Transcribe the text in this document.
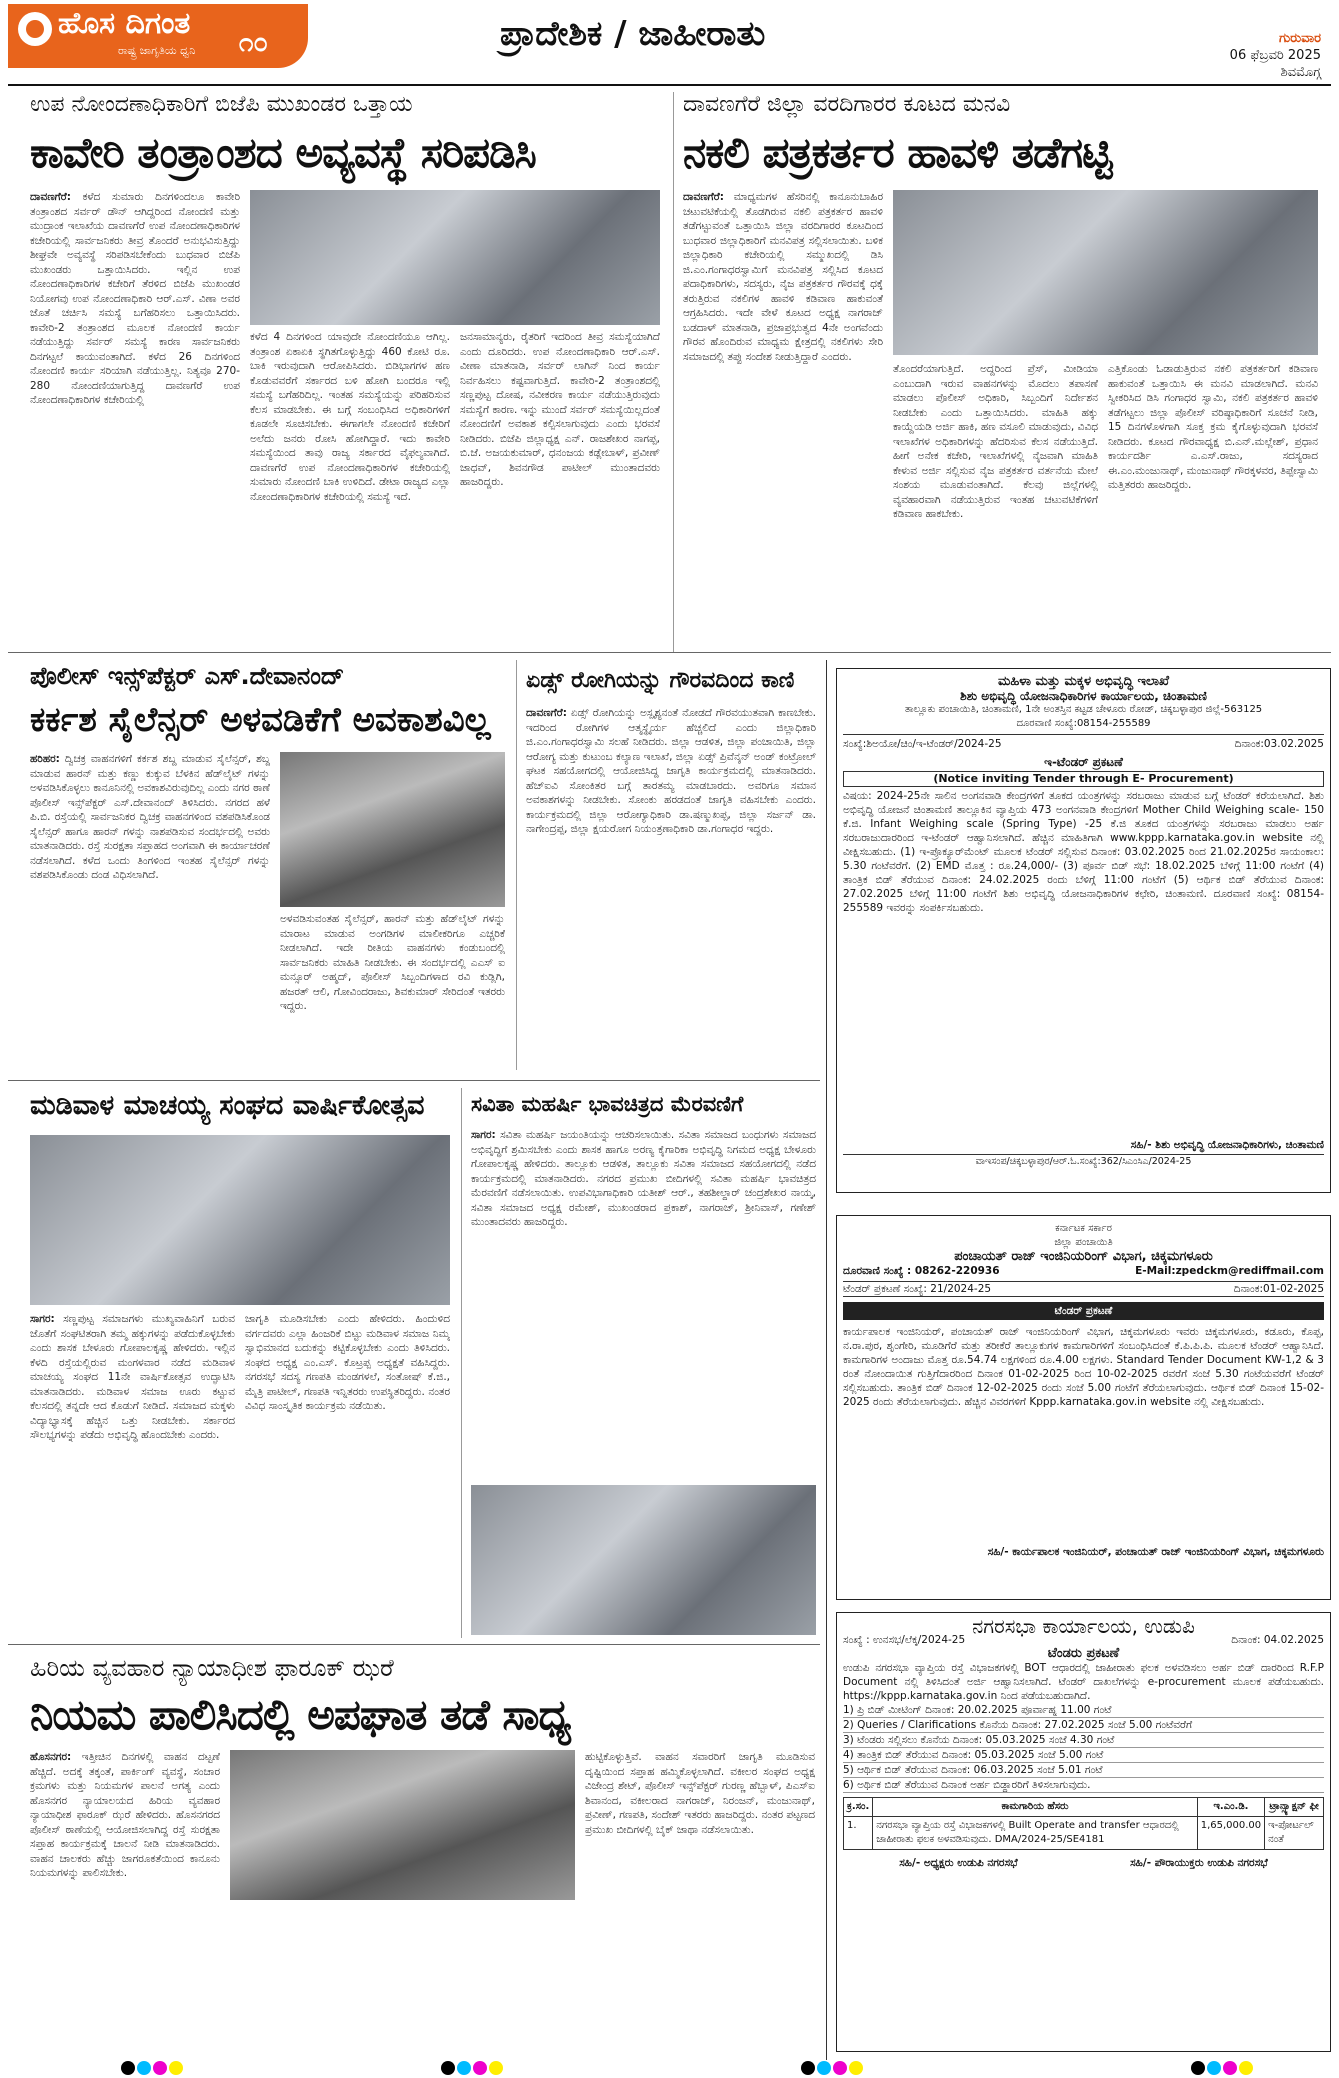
ಹೊಸ ದಿಗಂತ
ರಾಷ್ಟ್ರ ಜಾಗೃತಿಯ ಧ್ವನಿ ೧೦	ಪ್ರಾದೇಶಿಕ / ಜಾಹೀರಾತು	ಗುರುವಾರ
06 ಫೆಬ್ರವರಿ 2025
ಶಿವಮೊಗ್ಗ
ಉಪ ನೋಂದಣಾಧಿಕಾರಿಗೆ ಬಿಜೆಪಿ ಮುಖಂಡರ ಒತ್ತಾಯ
ಕಾವೇರಿ ತಂತ್ರಾಂಶದ ಅವ್ಯವಸ್ಥೆ ಸರಿಪಡಿಸಿ
ದಾವಣಗೆರೆ: ಕಳೆದ ಸುಮಾರು ದಿನಗಳಿಂದಲೂ ಕಾವೇರಿ ತಂತ್ರಾಂಶದ ಸರ್ವರ್ ಡೌನ್ ಆಗಿದ್ದರಿಂದ ನೋಂದಣಿ ಮತ್ತು ಮುದ್ರಾಂಕ ಇಲಾಖೆಯ ದಾವಣಗೆರೆ ಉಪ ನೋಂದಣಾಧಿಕಾರಿಗಳ ಕಚೇರಿಯಲ್ಲಿ ಸಾರ್ವಜನಿಕರು ತೀವ್ರ ತೊಂದರೆ ಅನುಭವಿಸುತ್ತಿದ್ದು ಶೀಘ್ರವೇ ಅವ್ಯವಸ್ಥೆ ಸರಿಪಡಿಸಬೇಕೆಂದು ಬುಧವಾರ ಬಿಜೆಪಿ ಮುಖಂಡರು ಒತ್ತಾಯಿಸಿದರು. ಇಲ್ಲಿನ ಉಪ ನೋಂದಣಾಧಿಕಾರಿಗಳ ಕಚೇರಿಗೆ ತೆರಳಿದ ಬಿಜೆಪಿ ಮುಖಂಡರ ನಿಯೋಗವು ಉಪ ನೋಂದಣಾಧಿಕಾರಿ ಆರ್.ಎಸ್. ವಿಣಾ ಅವರ ಜೊತೆ ಚರ್ಚಿಸಿ ಸಮಸ್ಯೆ ಬಗೆಹರಿಸಲು ಒತ್ತಾಯಿಸಿದರು. ಕಾವೇರಿ-2 ತಂತ್ರಾಂಶದ ಮೂಲಕ ನೋಂದಣಿ ಕಾರ್ಯ ನಡೆಯುತ್ತಿದ್ದು ಸರ್ವರ್ ಸಮಸ್ಯೆ ಕಾರಣ ಸಾರ್ವಜನಿಕರು ದಿನಗಟ್ಟಲೆ ಕಾಯುವಂತಾಗಿದೆ. ಕಳೆದ 26 ದಿನಗಳಿಂದ ನೋಂದಣಿ ಕಾರ್ಯ ಸರಿಯಾಗಿ ನಡೆಯುತ್ತಿಲ್ಲ. ನಿತ್ಯವೂ 270-280 ನೋಂದಣಿಯಾಗುತ್ತಿದ್ದ ದಾವಣಗೆರೆ ಉಪ ನೋಂದಣಾಧಿಕಾರಿಗಳ ಕಚೇರಿಯಲ್ಲಿ
ಕಳೆದ 4 ದಿನಗಳಿಂದ ಯಾವುದೇ ನೋಂದಣಿಯೂ ಆಗಿಲ್ಲ. ತಂತ್ರಾಂಶ ಏಕಾಏಕಿ ಸ್ಥಗಿತಗೊಳ್ಳುತ್ತಿದ್ದು 460 ಕೋಟಿ ರೂ. ಬಾಕಿ ಇರುವುದಾಗಿ ಆರೋಪಿಸಿದರು. ಬಿಡಿಭಾಗಗಳ ಹಣ ಕೊಡುವವರೆಗೆ ಸರ್ಕಾರದ ಬಳಿ ಹೋಗಿ ಬಂದರೂ ಇಲ್ಲಿ ಸಮಸ್ಯೆ ಬಗೆಹರಿದಿಲ್ಲ. ಇಂತಹ ಸಮಸ್ಯೆಯನ್ನು ಪರಿಹರಿಸುವ ಕೆಲಸ ಮಾಡಬೇಕು. ಈ ಬಗ್ಗೆ ಸಂಬಂಧಿಸಿದ ಅಧಿಕಾರಿಗಳಿಗೆ ಕೂಡಲೇ ಸೂಚಿಸಬೇಕು. ಈಗಾಗಲೇ ನೋಂದಣಿ ಕಚೇರಿಗೆ ಅಲೆದು ಜನರು ರೋಸಿ ಹೋಗಿದ್ದಾರೆ. ಇದು ಕಾವೇರಿ ಸಮಸ್ಯೆಯಿಂದ ತಾವು ರಾಜ್ಯ ಸರ್ಕಾರದ ವೈಫಲ್ಯವಾಗಿದೆ. ದಾವಣಗೆರೆ ಉಪ ನೋಂದಣಾಧಿಕಾರಿಗಳ ಕಚೇರಿಯಲ್ಲಿ ಸುಮಾರು ನೋಂದಣಿ ಬಾಕಿ ಉಳಿದಿದೆ. ಡೇಟಾ ರಾಜ್ಯದ ಎಲ್ಲಾ ನೋಂದಣಾಧಿಕಾರಿಗಳ ಕಚೇರಿಯಲ್ಲಿ ಸಮಸ್ಯೆ ಇದೆ.
ಜನಸಾಮಾನ್ಯರು, ರೈತರಿಗೆ ಇದರಿಂದ ತೀವ್ರ ಸಮಸ್ಯೆಯಾಗಿದೆ ಎಂದು ದೂರಿದರು. ಉಪ ನೋಂದಣಾಧಿಕಾರಿ ಆರ್.ಎಸ್. ವೀಣಾ ಮಾತನಾಡಿ, ಸರ್ವರ್ ಲಾಗಿನ್ ನಿಂದ ಕಾರ್ಯ ನಿರ್ವಹಿಸಲು ಕಷ್ಟವಾಗುತ್ತಿದೆ. ಕಾವೇರಿ-2 ತಂತ್ರಾಂಶದಲ್ಲಿ ಸಣ್ಣಪುಟ್ಟ ದೋಷ, ನವೀಕರಣ ಕಾರ್ಯ ನಡೆಯುತ್ತಿರುವುದು ಸಮಸ್ಯೆಗೆ ಕಾರಣ. ಇನ್ನು ಮುಂದೆ ಸರ್ವರ್ ಸಮಸ್ಯೆಯಿಲ್ಲದಂತೆ ನೋಂದಣಿಗೆ ಅವಕಾಶ ಕಲ್ಪಿಸಲಾಗುವುದು ಎಂದು ಭರವಸೆ ನೀಡಿದರು. ಬಿಜೆಪಿ ಜಿಲ್ಲಾಧ್ಯಕ್ಷ ಎನ್. ರಾಜಶೇಖರ ನಾಗಪ್ಪ, ಬಿ.ಜೆ. ಅಜಯಕುಮಾರ್, ಧನಂಜಯ ಕಡ್ಲೇಬಾಳ್, ಪ್ರವೀಣ್ ಜಾಧವ್, ಶಿವನಗೌಡ ಪಾಟೀಲ್ ಮುಂತಾದವರು ಹಾಜರಿದ್ದರು.
ದಾವಣಗೆರೆ ಜಿಲ್ಲಾ ವರದಿಗಾರರ ಕೂಟದ ಮನವಿ
ನಕಲಿ ಪತ್ರಕರ್ತರ ಹಾವಳಿ ತಡೆಗಟ್ಟಿ
ದಾವಣಗೆರೆ: ಮಾಧ್ಯಮಗಳ ಹೆಸರಿನಲ್ಲಿ ಕಾನೂನುಬಾಹಿರ ಚಟುವಟಿಕೆಯಲ್ಲಿ ತೊಡಗಿರುವ ನಕಲಿ ಪತ್ರಕರ್ತರ ಹಾವಳಿ ತಡೆಗಟ್ಟುವಂತೆ ಒತ್ತಾಯಿಸಿ ಜಿಲ್ಲಾ ವರದಿಗಾರರ ಕೂಟದಿಂದ ಬುಧವಾರ ಜಿಲ್ಲಾಧಿಕಾರಿಗೆ ಮನವಿಪತ್ರ ಸಲ್ಲಿಸಲಾಯಿತು. ಬಳಿಕ ಜಿಲ್ಲಾಧಿಕಾರಿ ಕಚೇರಿಯಲ್ಲಿ ಸಮ್ಮುಖದಲ್ಲಿ ಡಿಸಿ ಜಿ.ಎಂ.ಗಂಗಾಧರಸ್ವಾಮಿಗೆ ಮನವಿಪತ್ರ ಸಲ್ಲಿಸಿದ ಕೂಟದ ಪದಾಧಿಕಾರಿಗಳು, ಸದಸ್ಯರು, ನೈಜ ಪತ್ರಕರ್ತರ ಗೌರವಕ್ಕೆ ಧಕ್ಕೆ ತರುತ್ತಿರುವ ನಕಲಿಗಳ ಹಾವಳಿ ಕಡಿವಾಣ ಹಾಕುವಂತೆ ಆಗ್ರಹಿಸಿದರು. ಇದೇ ವೇಳೆ ಕೂಟದ ಅಧ್ಯಕ್ಷ ನಾಗರಾಜ್ ಬಡದಾಳ್ ಮಾತನಾಡಿ, ಪ್ರಜಾಪ್ರಭುತ್ವದ 4ನೇ ಅಂಗವೆಂದು ಗೌರವ ಹೊಂದಿರುವ ಮಾಧ್ಯಮ ಕ್ಷೇತ್ರದಲ್ಲಿ ನಕಲಿಗಳು ಸೇರಿ ಸಮಾಜದಲ್ಲಿ ತಪ್ಪು ಸಂದೇಶ ನೀಡುತ್ತಿದ್ದಾರೆ ಎಂದರು.
ತೊಂದರೆಯಾಗುತ್ತಿದೆ. ಅದ್ದರಿಂದ ಪ್ರೆಸ್, ಮೀಡಿಯಾ ಎಂಬುದಾಗಿ ಇರುವ ವಾಹನಗಳನ್ನು ಮೊದಲು ತಪಾಸಣೆ ಮಾಡಲು ಪೊಲೀಸ್ ಅಧಿಕಾರಿ, ಸಿಬ್ಬಂದಿಗೆ ನಿರ್ದೇಶನ ನೀಡಬೇಕು ಎಂದು ಒತ್ತಾಯಿಸಿದರು. ಮಾಹಿತಿ ಹಕ್ಕು ಕಾಯ್ದೆಯಡಿ ಅರ್ಜಿ ಹಾಕಿ, ಹಣ ವಸೂಲಿ ಮಾಡುವುದು, ವಿವಿಧ ಇಲಾಖೆಗಳ ಅಧಿಕಾರಿಗಳನ್ನು ಹೆದರಿಸುವ ಕೆಲಸ ನಡೆಯುತ್ತಿದೆ. ಹೀಗೆ ಅನೇಕ ಕಚೇರಿ, ಇಲಾಖೆಗಳಲ್ಲಿ ನೈಜವಾಗಿ ಮಾಹಿತಿ ಕೇಳುವ ಅರ್ಜಿ ಸಲ್ಲಿಸುವ ನೈಜ ಪತ್ರಕರ್ತರ ವರ್ತನೆಯ ಮೇಲೆ ಸಂಶಯ ಮೂಡುವಂತಾಗಿದೆ. ಕೆಲವು ಜಿಲ್ಲೆಗಳಲ್ಲಿ ವ್ಯವಹಾರವಾಗಿ ನಡೆಯುತ್ತಿರುವ ಇಂತಹ ಚಟುವಟಿಕೆಗಳಿಗೆ ಕಡಿವಾಣ ಹಾಕಬೇಕು.
ಎತ್ತಿಕೊಂಡು ಓಡಾಡುತ್ತಿರುವ ನಕಲಿ ಪತ್ರಕರ್ತರಿಗೆ ಕಡಿವಾಣ ಹಾಕುವಂತೆ ಒತ್ತಾಯಿಸಿ ಈ ಮನವಿ ಮಾಡಲಾಗಿದೆ. ಮನವಿ ಸ್ವೀಕರಿಸಿದ ಡಿಸಿ ಗಂಗಾಧರ ಸ್ವಾಮಿ, ನಕಲಿ ಪತ್ರಕರ್ತರ ಹಾವಳಿ ತಡೆಗಟ್ಟಲು ಜಿಲ್ಲಾ ಪೊಲೀಸ್ ವರಿಷ್ಠಾಧಿಕಾರಿಗೆ ಸೂಚನೆ ನೀಡಿ, 15 ದಿನಗಳೊಳಗಾಗಿ ಸೂಕ್ತ ಕ್ರಮ ಕೈಗೊಳ್ಳುವುದಾಗಿ ಭರವಸೆ ನೀಡಿದರು. ಕೂಟದ ಗೌರವಾಧ್ಯಕ್ಷ ಬಿ.ಎನ್.ಮಲ್ಲೇಶ್, ಪ್ರಧಾನ ಕಾರ್ಯದರ್ಶಿ ಎ.ಎಸ್.ರಾಜು, ಸದಸ್ಯರಾದ ಈ.ಎಂ.ಮಂಜುನಾಥ್, ಮಂಜುನಾಥ್ ಗೌರಕ್ಕಳವರ, ತಿಪ್ಪೇಸ್ವಾಮಿ ಮತ್ತಿತರರು ಹಾಜರಿದ್ದರು.
ಪೊಲೀಸ್ ಇನ್ಸ್‌ಪೆಕ್ಟರ್ ಎಸ್.ದೇವಾನಂದ್
ಕರ್ಕಶ ಸೈಲೆನ್ಸರ್ ಅಳವಡಿಕೆಗೆ ಅವಕಾಶವಿಲ್ಲ
ಹರಿಹರ: ದ್ವಿಚಕ್ರ ವಾಹನಗಳಿಗೆ ಕರ್ಕಶ ಶಬ್ದ ಮಾಡುವ ಸೈಲೆನ್ಸರ್, ಶಬ್ದ ಮಾಡುವ ಹಾರನ್ ಮತ್ತು ಕಣ್ಣು ಕುಕ್ಕುವ ಬೆಳಕಿನ ಹೆಡ್‌ಲೈಟ್ ಗಳನ್ನು ಅಳವಡಿಸಿಕೊಳ್ಳಲು ಕಾನೂನಿನಲ್ಲಿ ಅವಕಾಶವಿರುವುದಿಲ್ಲ ಎಂದು ನಗರ ಠಾಣೆ ಪೊಲೀಸ್ ಇನ್ಸ್‌ಪೆಕ್ಟರ್ ಎಸ್.ದೇವಾನಂದ್ ತಿಳಿಸಿದರು. ನಗರದ ಹಳೆ ಪಿ.ಬಿ. ರಸ್ತೆಯಲ್ಲಿ ಸಾರ್ವಜನಿಕರ ದ್ವಿಚಕ್ರ ವಾಹನಗಳಿಂದ ವಶಪಡಿಸಿಕೊಂಡ ಸೈಲೆನ್ಸರ್ ಹಾಗೂ ಹಾರನ್ ಗಳನ್ನು ನಾಶಪಡಿಸುವ ಸಂದರ್ಭದಲ್ಲಿ ಅವರು ಮಾತನಾಡಿದರು. ರಸ್ತೆ ಸುರಕ್ಷತಾ ಸಪ್ತಾಹದ ಅಂಗವಾಗಿ ಈ ಕಾರ್ಯಾಚರಣೆ ನಡೆಸಲಾಗಿದೆ. ಕಳೆದ ಒಂದು ತಿಂಗಳಿಂದ ಇಂತಹ ಸೈಲೆನ್ಸರ್ ಗಳನ್ನು ವಶಪಡಿಸಿಕೊಂಡು ದಂಡ ವಿಧಿಸಲಾಗಿದೆ.
ಅಳವಡಿಸುವಂತಹ ಸೈಲೆನ್ಸರ್, ಹಾರನ್ ಮತ್ತು ಹೆಡ್‌ಲೈಟ್ ಗಳನ್ನು ಮಾರಾಟ ಮಾಡುವ ಅಂಗಡಿಗಳ ಮಾಲೀಕರಿಗೂ ಎಚ್ಚರಿಕೆ ನೀಡಲಾಗಿದೆ. ಇದೇ ರೀತಿಯ ವಾಹನಗಳು ಕಂಡುಬಂದಲ್ಲಿ ಸಾರ್ವಜನಿಕರು ಮಾಹಿತಿ ನೀಡಬೇಕು. ಈ ಸಂದರ್ಭದಲ್ಲಿ ಎಎಸ್ ಐ ಮನ್ಸೂರ್ ಅಹ್ಮದ್, ಪೊಲೀಸ್ ಸಿಬ್ಬಂದಿಗಳಾದ ರವಿ ಕುಡ್ಲಿಗಿ, ಹಜರತ್ ಆಲಿ, ಗೋವಿಂದರಾಜು, ಶಿವಕುಮಾರ್ ಸೇರಿದಂತೆ ಇತರರು ಇದ್ದರು.
ಏಡ್ಸ್ ರೋಗಿಯನ್ನು ಗೌರವದಿಂದ ಕಾಣಿ
ದಾವಣಗೆರೆ: ಏಡ್ಸ್ ರೋಗಿಯನ್ನು ಅಸ್ಪೃಶ್ಯನಂತೆ ನೋಡದೆ ಗೌರವಯುತವಾಗಿ ಕಾಣಬೇಕು. ಇದರಿಂದ ರೋಗಿಗಳ ಆತ್ಮಸ್ಥೈರ್ಯ ಹೆಚ್ಚಲಿದೆ ಎಂದು ಜಿಲ್ಲಾಧಿಕಾರಿ ಜಿ.ಎಂ.ಗಂಗಾಧರಸ್ವಾಮಿ ಸಲಹೆ ನೀಡಿದರು. ಜಿಲ್ಲಾ ಆಡಳಿತ, ಜಿಲ್ಲಾ ಪಂಚಾಯಿತಿ, ಜಿಲ್ಲಾ ಆರೋಗ್ಯ ಮತ್ತು ಕುಟುಂಬ ಕಲ್ಯಾಣ ಇಲಾಖೆ, ಜಿಲ್ಲಾ ಏಡ್ಸ್ ಪ್ರಿವೆನ್ಶನ್ ಅಂಡ್ ಕಂಟ್ರೋಲ್ ಘಟಕ ಸಹಯೋಗದಲ್ಲಿ ಆಯೋಜಿಸಿದ್ದ ಜಾಗೃತಿ ಕಾರ್ಯಕ್ರಮದಲ್ಲಿ ಮಾತನಾಡಿದರು. ಹೆಚ್ಐವಿ ಸೋಂಕಿತರ ಬಗ್ಗೆ ತಾರತಮ್ಯ ಮಾಡಬಾರದು. ಅವರಿಗೂ ಸಮಾನ ಅವಕಾಶಗಳನ್ನು ನೀಡಬೇಕು. ಸೋಂಕು ಹರಡದಂತೆ ಜಾಗೃತಿ ವಹಿಸಬೇಕು ಎಂದರು. ಕಾರ್ಯಕ್ರಮದಲ್ಲಿ ಜಿಲ್ಲಾ ಆರೋಗ್ಯಾಧಿಕಾರಿ ಡಾ.ಷಣ್ಮುಖಪ್ಪ, ಜಿಲ್ಲಾ ಸರ್ಜನ್ ಡಾ. ನಾಗೇಂದ್ರಪ್ಪ, ಜಿಲ್ಲಾ ಕ್ಷಯರೋಗ ನಿಯಂತ್ರಣಾಧಿಕಾರಿ ಡಾ.ಗಂಗಾಧರ ಇದ್ದರು.
ಮಡಿವಾಳ ಮಾಚಯ್ಯ ಸಂಘದ ವಾರ್ಷಿಕೋತ್ಸವ
ಸಾಗರ: ಸಣ್ಣಪುಟ್ಟ ಸಮಾಜಗಳು ಮುಖ್ಯವಾಹಿನಿಗೆ ಬರುವ ಜೊತೆಗೆ ಸಂಘಟಿತರಾಗಿ ತಮ್ಮ ಹಕ್ಕುಗಳನ್ನು ಪಡೆದುಕೊಳ್ಳಬೇಕು ಎಂದು ಶಾಸಕ ಬೇಳೂರು ಗೋಪಾಲಕೃಷ್ಣ ಹೇಳಿದರು. ಇಲ್ಲಿನ ಕೆಳದಿ ರಸ್ತೆಯಲ್ಲಿರುವ ಮಂಗಳವಾರ ನಡೆದ ಮಡಿವಾಳ ಮಾಚಯ್ಯ ಸಂಘದ 11ನೇ ವಾರ್ಷಿಕೋತ್ಸವ ಉದ್ಘಾಟಿಸಿ ಮಾತನಾಡಿದರು. ಮಡಿವಾಳ ಸಮಾಜ ಊರು ಕಟ್ಟುವ ಕೆಲಸದಲ್ಲಿ ತನ್ನದೇ ಆದ ಕೊಡುಗೆ ನೀಡಿದೆ. ಸಮಾಜದ ಮಕ್ಕಳು ವಿದ್ಯಾಭ್ಯಾಸಕ್ಕೆ ಹೆಚ್ಚಿನ ಒತ್ತು ನೀಡಬೇಕು. ಸರ್ಕಾರದ ಸೌಲಭ್ಯಗಳನ್ನು ಪಡೆದು ಅಭಿವೃದ್ಧಿ ಹೊಂದಬೇಕು ಎಂದರು.
ಜಾಗೃತಿ ಮೂಡಿಸಬೇಕು ಎಂದು ಹೇಳಿದರು. ಹಿಂದುಳಿದ ವರ್ಗದವರು ಎಲ್ಲಾ ಹಿಂಜರಿಕೆ ಬಿಟ್ಟು ಮಡಿವಾಳ ಸಮಾಜ ನಿಮ್ಮ ಸ್ವಾಭಿಮಾನದ ಬದುಕನ್ನು ಕಟ್ಟಿಕೊಳ್ಳಬೇಕು ಎಂದು ತಿಳಿಸಿದರು. ಸಂಘದ ಅಧ್ಯಕ್ಷ ಎಂ.ಎಸ್. ಕೊಟ್ರಪ್ಪ ಅಧ್ಯಕ್ಷತೆ ವಹಿಸಿದ್ದರು. ನಗರಸಭೆ ಸದಸ್ಯ ಗಣಪತಿ ಮಂಡಗಳಲೆ, ಸಂತೋಷ್ ಕೆ.ಜಿ., ಮೈತ್ರಿ ಪಾಟೀಲ್, ಗಣಪತಿ ಇನ್ನಿತರರು ಉಪಸ್ಥಿತರಿದ್ದರು. ನಂತರ ವಿವಿಧ ಸಾಂಸ್ಕೃತಿಕ ಕಾರ್ಯಕ್ರಮ ನಡೆಯಿತು.
ಸವಿತಾ ಮಹರ್ಷಿ ಭಾವಚಿತ್ರದ ಮೆರವಣಿಗೆ
ಸಾಗರ: ಸವಿತಾ ಮಹರ್ಷಿ ಜಯಂತಿಯನ್ನು ಆಚರಿಸಲಾಯಿತು. ಸವಿತಾ ಸಮಾಜದ ಬಂಧುಗಳು ಸಮಾಜದ ಅಭಿವೃದ್ಧಿಗೆ ಶ್ರಮಿಸಬೇಕು ಎಂದು ಶಾಸಕ ಹಾಗೂ ಅರಣ್ಯ ಕೈಗಾರಿಕಾ ಅಭಿವೃದ್ಧಿ ನಿಗಮದ ಅಧ್ಯಕ್ಷ ಬೇಳೂರು ಗೋಪಾಲಕೃಷ್ಣ ಹೇಳಿದರು. ತಾಲ್ಲೂಕು ಆಡಳಿತ, ತಾಲ್ಲೂಕು ಸವಿತಾ ಸಮಾಜದ ಸಹಯೋಗದಲ್ಲಿ ನಡೆದ ಕಾರ್ಯಕ್ರಮದಲ್ಲಿ ಮಾತನಾಡಿದರು. ನಗರದ ಪ್ರಮುಖ ಬೀದಿಗಳಲ್ಲಿ ಸವಿತಾ ಮಹರ್ಷಿ ಭಾವಚಿತ್ರದ ಮೆರವಣಿಗೆ ನಡೆಸಲಾಯಿತು. ಉಪವಿಭಾಗಾಧಿಕಾರಿ ಯತೀಶ್ ಆರ್., ತಹಶೀಲ್ದಾರ್ ಚಂದ್ರಶೇಖರ ನಾಯ್ಕ, ಸವಿತಾ ಸಮಾಜದ ಅಧ್ಯಕ್ಷ ರಮೇಶ್, ಮುಖಂಡರಾದ ಪ್ರಕಾಶ್, ನಾಗರಾಜ್, ಶ್ರೀನಿವಾಸ್, ಗಣೇಶ್ ಮುಂತಾದವರು ಹಾಜರಿದ್ದರು.
ಹಿರಿಯ ವ್ಯವಹಾರ ನ್ಯಾಯಾಧೀಶ ಫಾರೂಕ್ ಝರೆ
ನಿಯಮ ಪಾಲಿಸಿದಲ್ಲಿ ಅಪಘಾತ ತಡೆ ಸಾಧ್ಯ
ಹೊಸನಗರ: ಇತ್ತೀಚಿನ ದಿನಗಳಲ್ಲಿ ವಾಹನ ದಟ್ಟಣೆ ಹೆಚ್ಚಿದೆ. ಅದಕ್ಕೆ ತಕ್ಕಂತೆ, ಪಾರ್ಕಿಂಗ್ ವ್ಯವಸ್ಥೆ, ಸಂಚಾರ ಕ್ರಮಗಳು ಮತ್ತು ನಿಯಮಗಳ ಪಾಲನೆ ಅಗತ್ಯ ಎಂದು ಹೊಸನಗರ ನ್ಯಾಯಾಲಯದ ಹಿರಿಯ ವ್ಯವಹಾರ ನ್ಯಾಯಾಧೀಶ ಫಾರೂಕ್ ಝರೆ ಹೇಳಿದರು. ಹೊಸನಗರದ ಪೊಲೀಸ್ ಠಾಣೆಯಲ್ಲಿ ಆಯೋಜಿಸಲಾಗಿದ್ದ ರಸ್ತೆ ಸುರಕ್ಷತಾ ಸಪ್ತಾಹ ಕಾರ್ಯಕ್ರಮಕ್ಕೆ ಚಾಲನೆ ನೀಡಿ ಮಾತನಾಡಿದರು. ವಾಹನ ಚಾಲಕರು ಹೆಚ್ಚು ಜಾಗರೂಕತೆಯಿಂದ ಕಾನೂನು ನಿಯಮಗಳನ್ನು ಪಾಲಿಸಬೇಕು.
ಹುಟ್ಟಿಕೊಳ್ಳುತ್ತಿವೆ. ವಾಹನ ಸವಾರರಿಗೆ ಜಾಗೃತಿ ಮೂಡಿಸುವ ದೃಷ್ಟಿಯಿಂದ ಸಪ್ತಾಹ ಹಮ್ಮಿಕೊಳ್ಳಲಾಗಿದೆ. ವಕೀಲರ ಸಂಘದ ಅಧ್ಯಕ್ಷ ವಿಜೇಂದ್ರ ಶೇಟ್, ಪೊಲೀಸ್ ಇನ್ಸ್‌ಪೆಕ್ಟರ್ ಗುರಣ್ಣ ಹೆಬ್ಬಾಳ್, ಪಿಎಸ್ಐ ಶಿವಾನಂದ, ವಕೀಲರಾದ ನಾಗರಾಜ್, ನಿರಂಜನ್, ಮಂಜುನಾಥ್, ಪ್ರವೀಣ್, ಗಣಪತಿ, ಸಂದೇಶ್ ಇತರರು ಹಾಜರಿದ್ದರು. ನಂತರ ಪಟ್ಟಣದ ಪ್ರಮುಖ ಬೀದಿಗಳಲ್ಲಿ ಬೈಕ್ ಜಾಥಾ ನಡೆಸಲಾಯಿತು.
ಮಹಿಳಾ ಮತ್ತು ಮಕ್ಕಳ ಅಭಿವೃದ್ಧಿ ಇಲಾಖೆ
ಶಿಶು ಅಭಿವೃದ್ಧಿ ಯೋಜನಾಧಿಕಾರಿಗಳ ಕಾರ್ಯಾಲಯ, ಚಿಂತಾಮಣಿ
ತಾಲ್ಲೂಕು ಪಂಚಾಯಿತಿ, ಚಿಂತಾಮಣಿ, 1ನೇ ಅಂತಸ್ತಿನ ಕಟ್ಟಡ ಚೇಳೂರು ರೋಡ್, ಚಿಕ್ಕಬಳ್ಳಾಪುರ ಜಿಲ್ಲೆ-563125
ದೂರವಾಣಿ ಸಂಖ್ಯೆ:08154-255589
ಸಂಖ್ಯೆ:ಶಿಅಯೋ/ಚಿಂ/ಇ-ಟೆಂಡರ್/2024-25	ದಿನಾಂಕ:03.02.2025
ಇ-ಟೆಂಡರ್ ಪ್ರಕಟಣೆ
(Notice inviting Tender through E- Procurement)
ವಿಷಯ: 2024-25ನೇ ಸಾಲಿನ ಅಂಗನವಾಡಿ ಕೇಂದ್ರಗಳಿಗೆ ತೂಕದ ಯಂತ್ರಗಳನ್ನು ಸರಬರಾಜು ಮಾಡುವ ಬಗ್ಗೆ ಟೆಂಡರ್ ಕರೆಯಲಾಗಿದೆ. ಶಿಶು ಅಭಿವೃದ್ಧಿ ಯೋಜನೆ ಚಿಂತಾಮಣಿ ತಾಲ್ಲೂಕಿನ ವ್ಯಾಪ್ತಿಯ 473 ಅಂಗನವಾಡಿ ಕೇಂದ್ರಗಳಿಗೆ Mother Child Weighing scale- 150 ಕೆ.ಜಿ. Infant Weighing scale (Spring Type) -25 ಕೆ.ಜಿ ತೂಕದ ಯಂತ್ರಗಳನ್ನು ಸರಬರಾಜು ಮಾಡಲು ಅರ್ಹ ಸರಬರಾಜುದಾರರಿಂದ ಇ-ಟೆಂಡರ್ ಆಹ್ವಾನಿಸಲಾಗಿದೆ. ಹೆಚ್ಚಿನ ಮಾಹಿತಿಗಾಗಿ www.kppp.karnataka.gov.in website ನಲ್ಲಿ ವೀಕ್ಷಿಸಬಹುದು. (1) ಇ-ಪ್ರೊಕ್ಯೂರ್‌ಮೆಂಟ್ ಮೂಲಕ ಟೆಂಡರ್ ಸಲ್ಲಿಸುವ ದಿನಾಂಕ: 03.02.2025 ರಿಂದ 21.02.2025ರ ಸಾಯಂಕಾಲ: 5.30 ಗಂಟೆವರೆಗೆ. (2) EMD ಮೊತ್ತ : ರೂ.24,000/- (3) ಪೂರ್ವ ಬಿಡ್ ಸಭೆ: 18.02.2025 ಬೆಳಿಗ್ಗೆ 11:00 ಗಂಟೆಗೆ (4) ತಾಂತ್ರಿಕ ಬಿಡ್ ತೆರೆಯುವ ದಿನಾಂಕ: 24.02.2025 ರಂದು ಬೆಳಿಗ್ಗೆ 11:00 ಗಂಟೆಗೆ (5) ಆರ್ಥಿಕ ಬಿಡ್ ತೆರೆಯುವ ದಿನಾಂಕ: 27.02.2025 ಬೆಳಿಗ್ಗೆ 11:00 ಗಂಟೆಗೆ ಶಿಶು ಅಭಿವೃದ್ಧಿ ಯೋಜನಾಧಿಕಾರಿಗಳ ಕಛೇರಿ, ಚಿಂತಾಮಣಿ. ದೂರವಾಣಿ ಸಂಖ್ಯೆ: 08154-255589 ಇವರನ್ನು ಸಂಪರ್ಕಿಸಬಹುದು.
ಸಹಿ/- ಶಿಶು ಅಭಿವೃದ್ಧಿ ಯೋಜನಾಧಿಕಾರಿಗಳು, ಚಿಂತಾಮಣಿ
ವಾಇಸಂಪ/ಚಿಕ್ಕಬಳ್ಳಾಪುರ/ಆರ್.ಓ.ಸಂಖ್ಯೆ:362/ಸಿಎಂಸಿಎ/2024-25
ಕರ್ನಾಟಕ ಸರ್ಕಾರ
ಜಿಲ್ಲಾ ಪಂಚಾಯಿತಿ
ಪಂಚಾಯತ್ ರಾಜ್ ಇಂಜಿನಿಯರಿಂಗ್ ವಿಭಾಗ, ಚಿಕ್ಕಮಗಳೂರು
ದೂರವಾಣಿ ಸಂಖ್ಯೆ : 08262-220936	E-Mail:zpedckm@rediffmail.com
ಟೆಂಡರ್ ಪ್ರಕಟಣೆ ಸಂಖ್ಯೆ: 21/2024-25	ದಿನಾಂಕ:01-02-2025
ಟೆಂಡರ್ ಪ್ರಕಟಣೆ
ಕಾರ್ಯಪಾಲಕ ಇಂಜಿನಿಯರ್, ಪಂಚಾಯತ್ ರಾಜ್ ಇಂಜಿನಿಯರಿಂಗ್ ವಿಭಾಗ, ಚಿಕ್ಕಮಗಳೂರು ಇವರು ಚಿಕ್ಕಮಗಳೂರು, ಕಡೂರು, ಕೊಪ್ಪ, ನ.ರಾ.ಪುರ, ಶೃಂಗೇರಿ, ಮೂಡಿಗೆರೆ ಮತ್ತು ತರೀಕೆರೆ ತಾಲ್ಲೂಕುಗಳ ಕಾಮಗಾರಿಗಳಿಗೆ ಸಂಬಂಧಿಸಿದಂತೆ ಕೆ.ಪಿ.ಪಿ.ಪಿ. ಮೂಲಕ ಟೆಂಡರ್ ಆಹ್ವಾನಿಸಿದೆ. ಕಾಮಗಾರಿಗಳ ಅಂದಾಜು ಮೊತ್ತ ರೂ.54.74 ಲಕ್ಷಗಳಿಂದ ರೂ.4.00 ಲಕ್ಷಗಳು. Standard Tender Document KW-1,2 & 3 ರಂತೆ ನೋಂದಾಯಿತ ಗುತ್ತಿಗೆದಾರರಿಂದ ದಿನಾಂಕ 01-02-2025 ರಿಂದ 10-02-2025 ರವರೆಗೆ ಸಂಜೆ 5.30 ಗಂಟೆಯವರೆಗೆ ಟೆಂಡರ್ ಸಲ್ಲಿಸಬಹುದು. ತಾಂತ್ರಿಕ ಬಿಡ್ ದಿನಾಂಕ 12-02-2025 ರಂದು ಸಂಜೆ 5.00 ಗಂಟೆಗೆ ತೆರೆಯಲಾಗುವುದು. ಆರ್ಥಿಕ ಬಿಡ್ ದಿನಾಂಕ 15-02-2025 ರಂದು ತೆರೆಯಲಾಗುವುದು. ಹೆಚ್ಚಿನ ವಿವರಗಳಿಗೆ Kppp.karnataka.gov.in website ನಲ್ಲಿ ವೀಕ್ಷಿಸಬಹುದು.
ಸಹಿ/- ಕಾರ್ಯಪಾಲಕ ಇಂಜಿನಿಯರ್, ಪಂಚಾಯತ್ ರಾಜ್ ಇಂಜಿನಿಯರಿಂಗ್ ವಿಭಾಗ, ಚಿಕ್ಕಮಗಳೂರು
ನಗರಸಭಾ ಕಾರ್ಯಾಲಯ, ಉಡುಪಿ
ಸಂಖ್ಯೆ : ಉನಸಭ/ಲೆಕ್ಕ/2024-25	ದಿನಾಂಕ: 04.02.2025
ಟೆಂಡರು ಪ್ರಕಟಣೆ
ಉಡುಪಿ ನಗರಸಭಾ ವ್ಯಾಪ್ತಿಯ ರಸ್ತೆ ವಿಭಾಜಕಗಳಲ್ಲಿ BOT ಆಧಾರದಲ್ಲಿ ಜಾಹೀರಾತು ಫಲಕ ಅಳವಡಿಸಲು ಅರ್ಹ ಬಿಡ್ ದಾರರಿಂದ R.F.P Document ನಲ್ಲಿ ತಿಳಿಸಿದಂತೆ ಅರ್ಜಿ ಆಹ್ವಾನಿಸಲಾಗಿದೆ. ಟೆಂಡರ್ ದಾಖಲೆಗಳನ್ನು e-procurement ಮೂಲಕ ಪಡೆಯಬಹುದು. https://kppp.karnataka.gov.in ನಿಂದ ಪಡೆಯಬಹುದಾಗಿದೆ.
1) ಪ್ರಿ ಬಿಡ್ ಮೀಟಿಂಗ್ ದಿನಾಂಕ: 20.02.2025 ಪೂರ್ವಾಹ್ನ 11.00 ಗಂಟೆ
2) Queries / Clarifications ಕೊನೆಯ ದಿನಾಂಕ: 27.02.2025 ಸಂಜೆ 5.00 ಗಂಟೆವರೆಗೆ
3) ಟೆಂಡರು ಸಲ್ಲಿಸಲು ಕೊನೆಯ ದಿನಾಂಕ: 05.03.2025 ಸಂಜೆ 4.30 ಗಂಟೆ
4) ತಾಂತ್ರಿಕ ಬಿಡ್ ತೆರೆಯುವ ದಿನಾಂಕ: 05.03.2025 ಸಂಜೆ 5.00 ಗಂಟೆ
5) ಆರ್ಥಿಕ ಬಿಡ್ ತೆರೆಯುವ ದಿನಾಂಕ: 06.03.2025 ಸಂಜೆ 5.01 ಗಂಟೆ
6) ಅರ್ಥಿಕ ಬಿಡ್ ತೆರೆಯುವ ದಿನಾಂಕ ಅರ್ಹ ಬಿಡ್ದಾರರಿಗೆ ತಿಳಿಸಲಾಗುವುದು.
ಕ್ರ.ಸಂ.	ಕಾಮಗಾರಿಯ ಹೆಸರು	ಇ.ಎಂ.ಡಿ.	ಟ್ರಾನ್ಸ್ಯಾಕ್ಷನ್ ಫೀ
1.	ನಗರಸಭಾ ವ್ಯಾಪ್ತಿಯ ರಸ್ತೆ ವಿಭಾಜಕಗಳಲ್ಲಿ Built Operate and transfer ಆಧಾರದಲ್ಲಿ ಜಾಹೀರಾತು ಫಲಕ ಅಳವಡಿಸುವುದು. DMA/2024-25/SE4181	1,65,000.00	ಇ-ಪೋರ್ಟಲ್ ನಂತೆ
ಸಹಿ/- ಅಧ್ಯಕ್ಷರು ಉಡುಪಿ ನಗರಸಭೆ	ಸಹಿ/- ಪೌರಾಯುಕ್ತರು ಉಡುಪಿ ನಗರಸಭೆ
